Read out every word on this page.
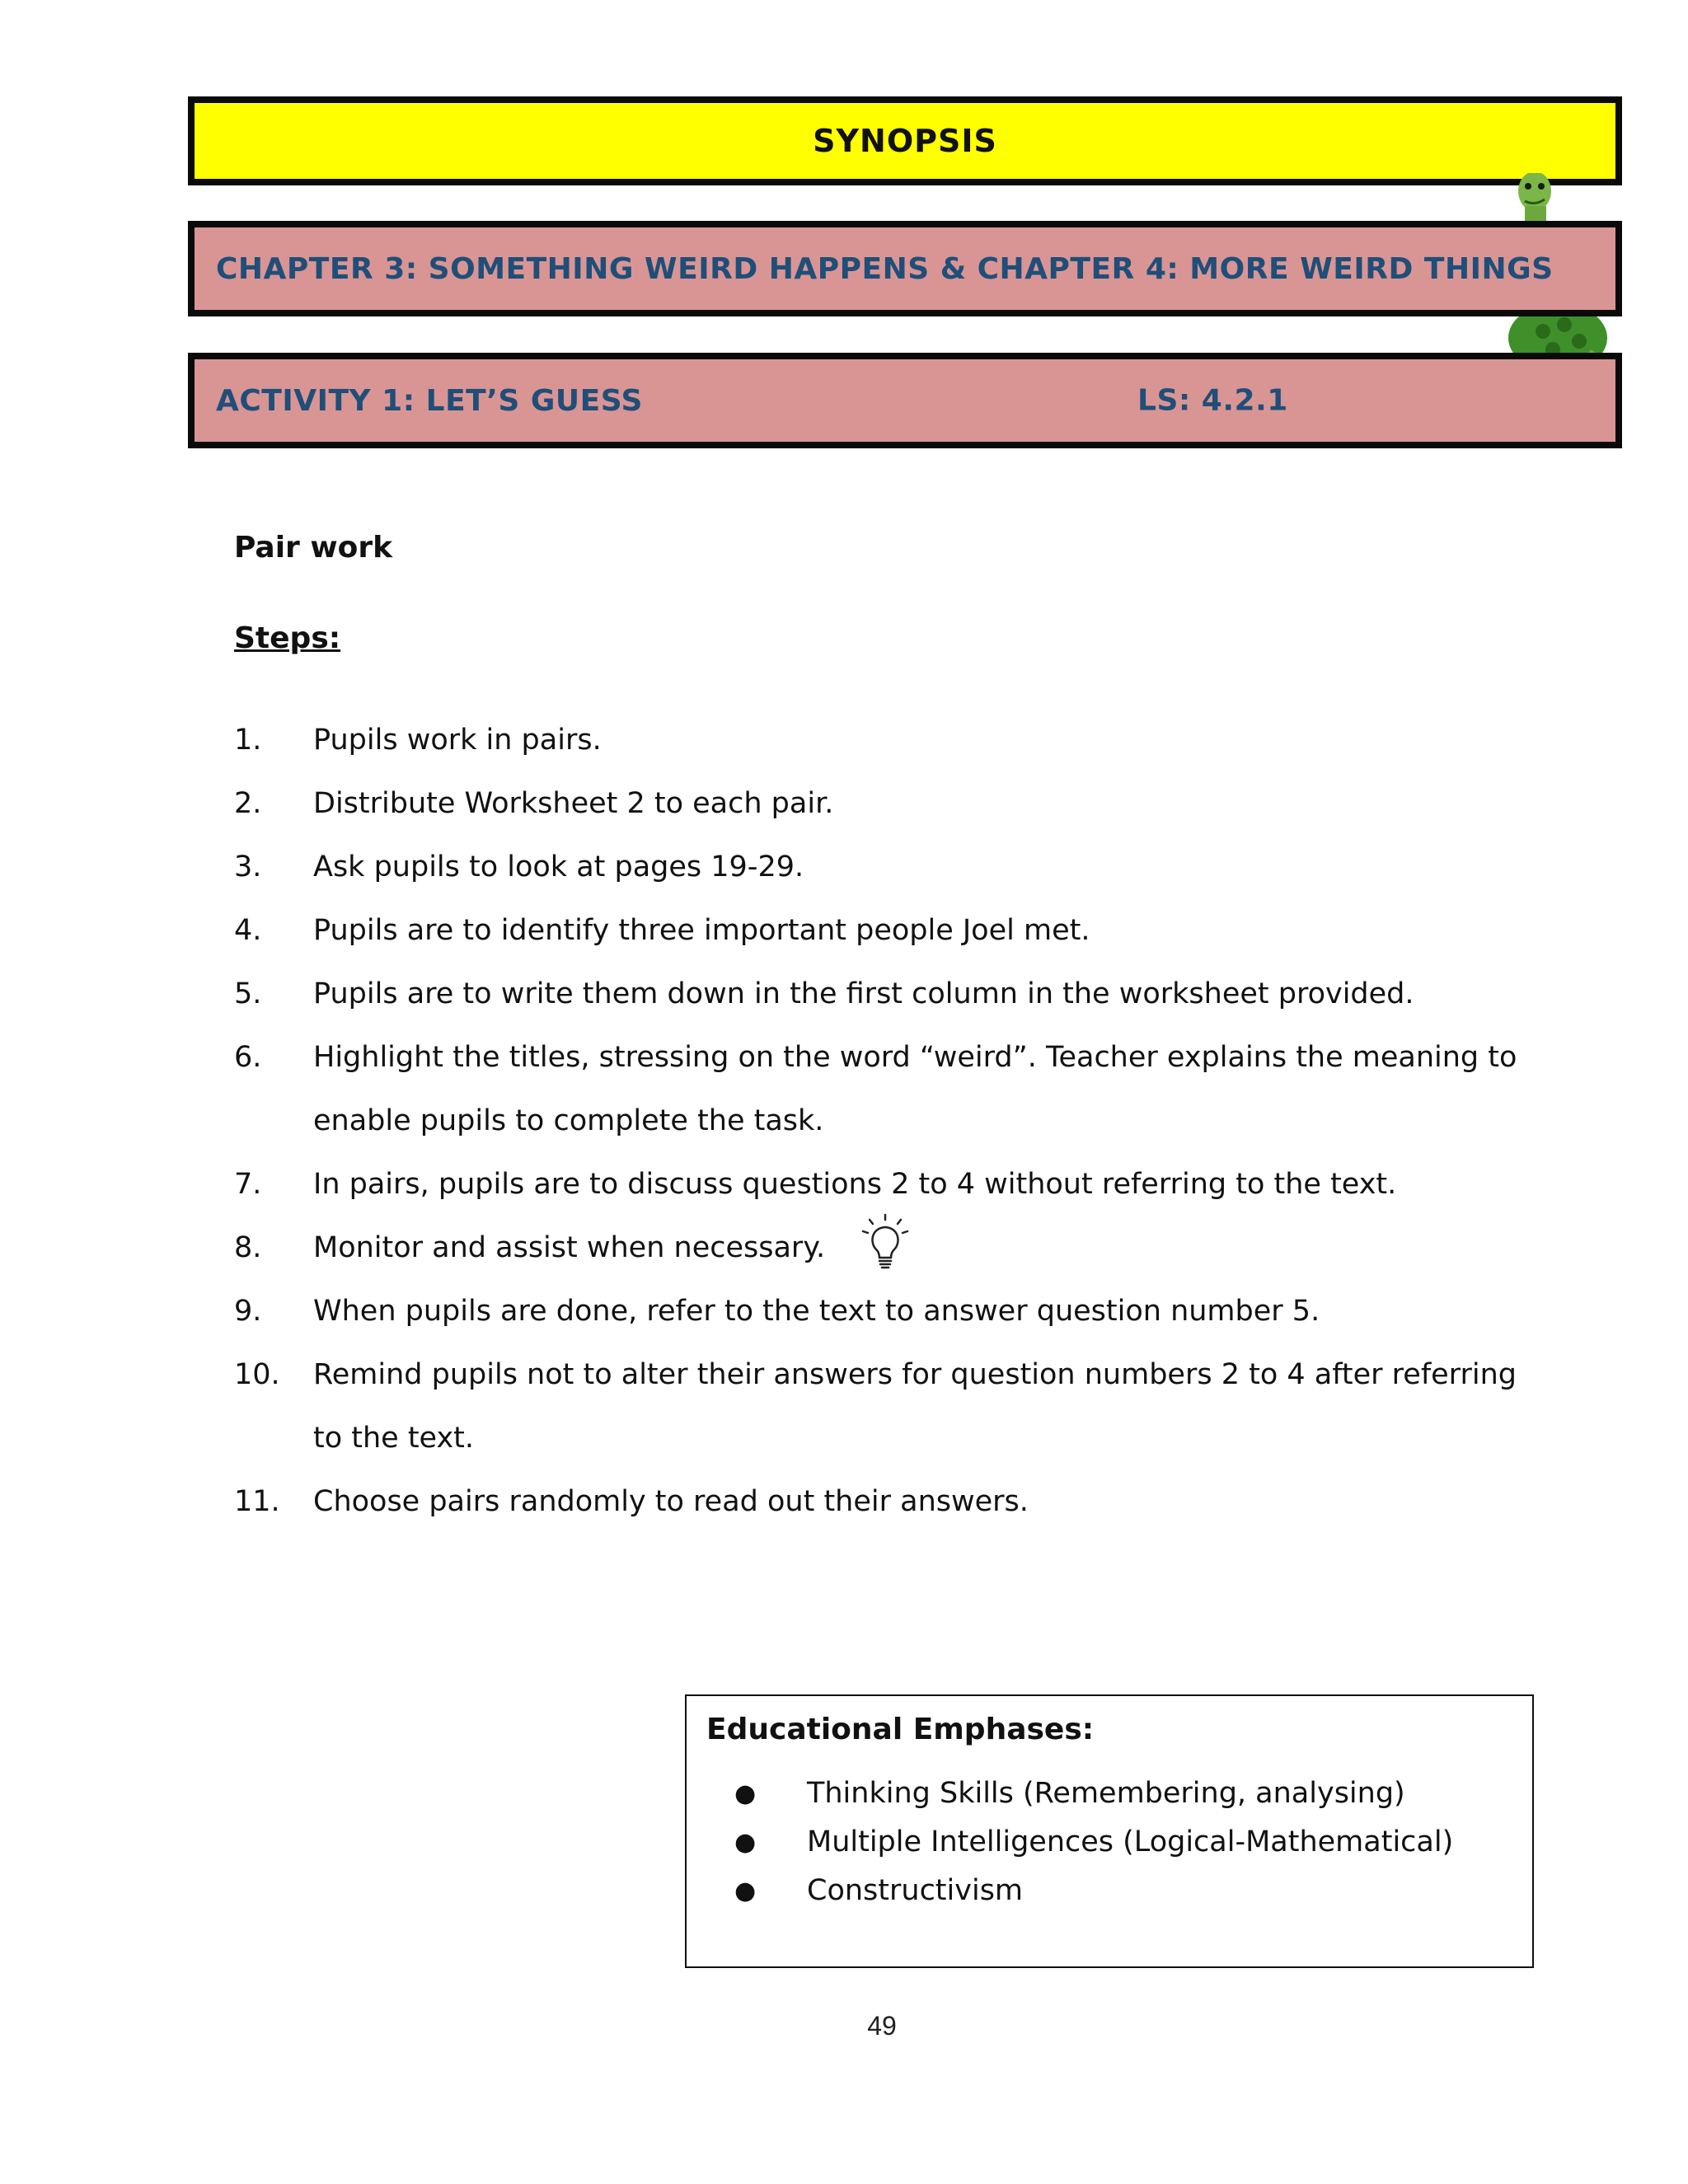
SYNOPSIS
CHAPTER 3: SOMETHING WEIRD HAPPENS & CHAPTER 4: MORE WEIRD THINGS
ACTIVITY 1: LET’S GUESS	LS: 4.2.1
Pair work
Steps:
1.	Pupils work in pairs.
2.	Distribute Worksheet 2 to each pair.
3.	Ask pupils to look at pages 19-29.
4.	Pupils are to identify three important people Joel met.
5.	Pupils are to write them down in the first column in the worksheet provided.
6.	Highlight the titles, stressing on the word “weird”. Teacher explains the meaning to enable pupils to complete the task.
7.	In pairs, pupils are to discuss questions 2 to 4 without referring to the text.
8.	Monitor and assist when necessary.
9.	When pupils are done, refer to the text to answer question number 5.
10.	Remind pupils not to alter their answers for question numbers 2 to 4 after referring to the text.
11.	Choose pairs randomly to read out their answers.
Educational Emphases:
● Thinking Skills (Remembering, analysing)
● Multiple Intelligences (Logical-Mathematical)
● Constructivism
49
